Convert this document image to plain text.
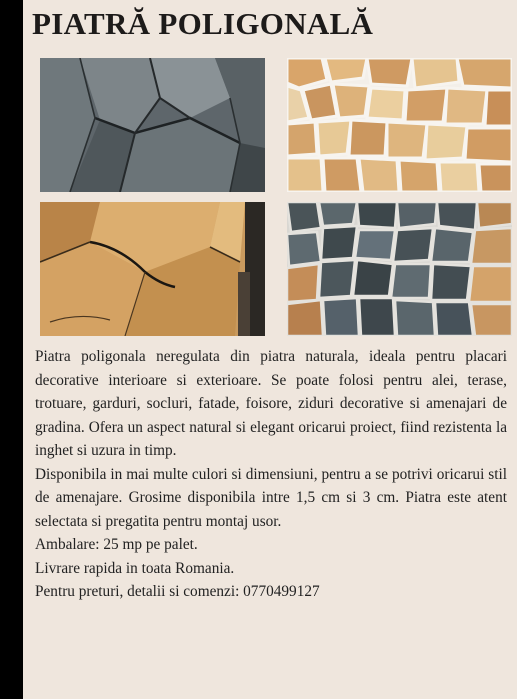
PIATRĂ POLIGONALĂ

Piatra poligonala neregulata din piatra naturala, ideala pentru placari decorative interioare si exterioare. Se poate folosi pentru alei, terase, trotuare, garduri, socluri, fatade, foisore, ziduri decorative si amenajari de gradina. Ofera un aspect natural si elegant oricarui proiect, fiind rezistenta la inghet si uzura in timp.

Disponibila in mai multe culori si dimensiuni, pentru a se potrivi oricarui stil de amenajare. Grosime disponibila intre 1,5 cm si 3 cm. Piatra este atent selectata si pregatita pentru montaj usor.

Ambalare: 25 mp pe palet.

Livrare rapida in toata Romania.

Pentru preturi, detalii si comenzi: 0770499127
